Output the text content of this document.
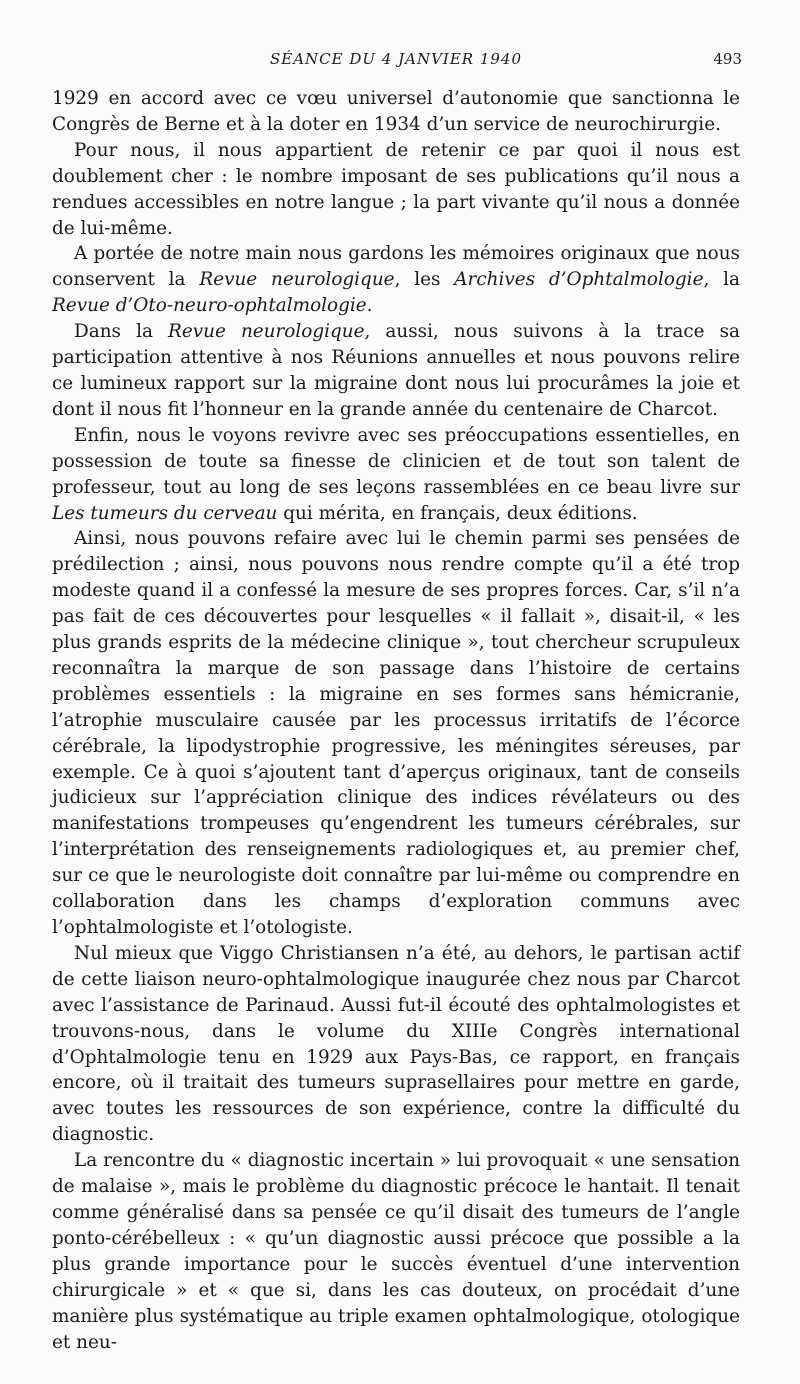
SÉANCE DU 4 JANVIER 1940	493

1929 en accord avec ce vœu universel d’autonomie que sanctionna le Congrès de Berne et à la doter en 1934 d’un service de neurochirurgie.

Pour nous, il nous appartient de retenir ce par quoi il nous est doublement cher : le nombre imposant de ses publications qu’il nous a rendues accessibles en notre langue ; la part vivante qu’il nous a donnée de lui-même.

A portée de notre main nous gardons les mémoires originaux que nous conservent la Revue neurologique, les Archives d’Ophtalmologie, la Revue d’Oto-neuro-ophtalmologie.

Dans la Revue neurologique, aussi, nous suivons à la trace sa participation attentive à nos Réunions annuelles et nous pouvons relire ce lumineux rapport sur la migraine dont nous lui procurâmes la joie et dont il nous fit l’honneur en la grande année du centenaire de Charcot.

Enfin, nous le voyons revivre avec ses préoccupations essentielles, en possession de toute sa finesse de clinicien et de tout son talent de professeur, tout au long de ses leçons rassemblées en ce beau livre sur Les tumeurs du cerveau qui mérita, en français, deux éditions.

Ainsi, nous pouvons refaire avec lui le chemin parmi ses pensées de prédilection ; ainsi, nous pouvons nous rendre compte qu’il a été trop modeste quand il a confessé la mesure de ses propres forces. Car, s’il n’a pas fait de ces découvertes pour lesquelles « il fallait », disait-il, « les plus grands esprits de la médecine clinique », tout chercheur scrupuleux reconnaîtra la marque de son passage dans l’histoire de certains problèmes essentiels : la migraine en ses formes sans hémicranie, l’atrophie musculaire causée par les processus irritatifs de l’écorce cérébrale, la lipodystrophie progressive, les méningites séreuses, par exemple. Ce à quoi s’ajoutent tant d’aperçus originaux, tant de conseils judicieux sur l’appréciation clinique des indices révélateurs ou des manifestations trompeuses qu’engendrent les tumeurs cérébrales, sur l’interprétation des renseignements radiologiques et, au premier chef, sur ce que le neurologiste doit connaître par lui-même ou comprendre en collaboration dans les champs d’exploration communs avec l’ophtalmologiste et l’otologiste.

Nul mieux que Viggo Christiansen n’a été, au dehors, le partisan actif de cette liaison neuro-ophtalmologique inaugurée chez nous par Charcot avec l’assistance de Parinaud. Aussi fut-il écouté des ophtalmologistes et trouvons-nous, dans le volume du XIIIe Congrès international d’Ophtalmologie tenu en 1929 aux Pays-Bas, ce rapport, en français encore, où il traitait des tumeurs suprasellaires pour mettre en garde, avec toutes les ressources de son expérience, contre la difficulté du diagnostic.

La rencontre du « diagnostic incertain » lui provoquait « une sensation de malaise », mais le problème du diagnostic précoce le hantait. Il tenait comme généralisé dans sa pensée ce qu’il disait des tumeurs de l’angle ponto-cérébelleux : « qu’un diagnostic aussi précoce que possible a la plus grande importance pour le succès éventuel d’une intervention chirurgicale » et « que si, dans les cas douteux, on procédait d’une manière plus systématique au triple examen ophtalmologique, otologique et neu-
